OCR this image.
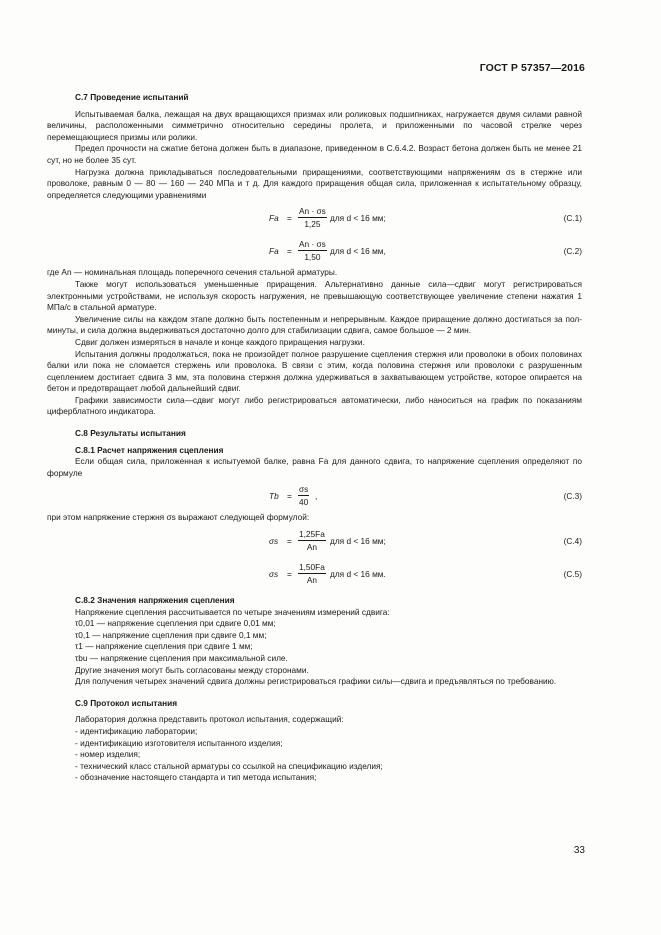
ГОСТ Р 57357—2016
С.7 Проведение испытаний

Испытываемая балка, лежащая на двух вращающихся призмах или роликовых подшипниках, нагружается двумя силами равной величины, расположенными симметрично относительно середины пролета, и приложенными по часовой стрелке через перемещающиеся призмы или ролики.

Предел прочности на сжатие бетона должен быть в диапазоне, приведенном в С.6.4.2. Возраст бетона должен быть не менее 21 сут, но не более 35 сут.

Нагрузка должна прикладываться последовательными приращениями, соответствующими напряжениям σs в стержне или проволоке, равным 0 — 80 — 160 — 240 МПа и т д. Для каждого приращения общая сила, приложенная к испытательному образцу, определяется следующими уравнениями

$Fa = \frac{An \cdot \sigma s}{1,25}$ для d < 16 мм;	(C.1)
$Fa = \frac{An \cdot \sigma s}{1,50}$ для d < 16 мм,	(C.2)
где An — номинальная площадь поперечного сечения стальной арматуры.

Также могут использоваться уменьшенные приращения. Альтернативно данные сила—сдвиг могут регистрироваться электронными устройствами, не используя скорость нагружения, не превышающую соответствующее увеличение степени нажатия 1 МПа/с в стальной арматуре.

Увеличение силы на каждом этапе должно быть постепенным и непрерывным. Каждое приращение должно достигаться за пол-минуты, и сила должна выдерживаться достаточно долго для стабилизации сдвига, самое большое — 2 мин.

Сдвиг должен измеряться в начале и конце каждого приращения нагрузки.

Испытания должны продолжаться, пока не произойдет полное разрушение сцепления стержня или проволоки в обоих половинах балки или пока не сломается стержень или проволока. В связи с этим, когда половина стержня или проволоки с разрушенным сцеплением достигает сдвига 3 мм, эта половина стержня должна удерживаться в захватывающем устройстве, которое опирается на бетон и предотвращает любой дальнейший сдвиг.

Графики зависимости сила—сдвиг могут либо регистрироваться автоматически, либо наноситься на график по показаниям циферблатного индикатора.

С.8 Результаты испытания
С.8.1 Расчет напряжения сцепления

Если общая сила, приложенная к испытуемой балке, равна Fa для данного сдвига, то напряжение сцепления определяют по формуле

$Tb = \frac{\sigma s}{40}$ ,	(C.3)
при этом напряжение стержня σs выражают следующей формулой:
$\sigma s = \frac{1,25Fa}{An}$ для d < 16 мм;	(C.4)
$\sigma s = \frac{1,50Fa}{An}$ для d < 16 мм.	(C.5)
С.8.2 Значения напряжения сцепления
Напряжение сцепления рассчитывается по четыре значениям измерений сдвига:
τ0,01 — напряжение сцепления при сдвиге 0,01 мм;
τ0,1 — напряжение сцепления при сдвиге 0,1 мм;
τ1 — напряжение сцепления при сдвиге 1 мм;
τbu — напряжение сцепления при максимальной силе.
Другие значения могут быть согласованы между сторонами.

Для получения четырех значений сдвига должны регистрироваться графики силы—сдвига и предъявляться по требованию.

С.9 Протокол испытания
Лаборатория должна представить протокол испытания, содержащий:
- идентификацию лаборатории;
- идентификацию изготовителя испытанного изделия;
- номер изделия;
- технический класс стальной арматуры со ссылкой на спецификацию изделия;
- обозначение настоящего стандарта и тип метода испытания;
33
